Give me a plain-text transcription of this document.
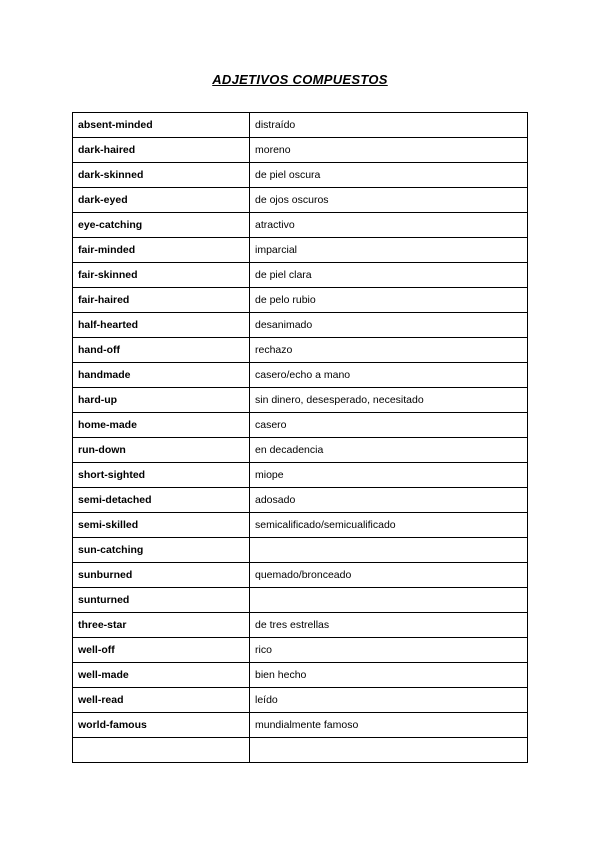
ADJETIVOS COMPUESTOS
absent-minded	distraído
dark-haired	moreno
dark-skinned	de piel oscura
dark-eyed	de ojos oscuros
eye-catching	atractivo
fair-minded	imparcial
fair-skinned	de piel clara
fair-haired	de pelo rubio
half-hearted	desanimado
hand-off	rechazo
handmade	casero/echo a mano
hard-up	sin dinero, desesperado, necesitado
home-made	casero
run-down	en decadencia
short-sighted	miope
semi-detached	adosado
semi-skilled	semicalificado/semicualificado
sun-catching	
sunburned	quemado/bronceado
sunturned	
three-star	de tres estrellas
well-off	rico
well-made	bien hecho
well-read	leído
world-famous	mundialmente famoso
